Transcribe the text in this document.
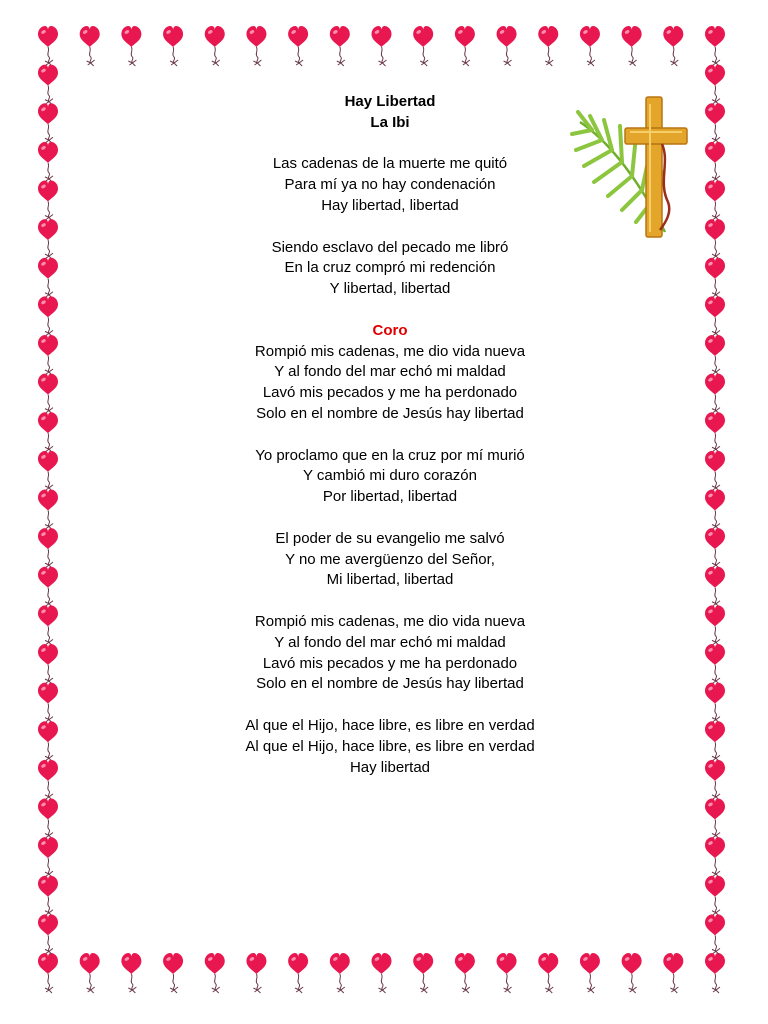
Hay Libertad

La Ibi

Las cadenas de la muerte me quitó

Para mí ya no hay condenación

Hay libertad, libertad

Siendo esclavo del pecado me libró

En la cruz compró mi redención

Y libertad, libertad

Coro

Rompió mis cadenas, me dio vida nueva

Y al fondo del mar echó mi maldad

Lavó mis pecados y me ha perdonado

Solo en el nombre de Jesús hay libertad

Yo proclamo que en la cruz por mí murió

Y cambió mi duro corazón

Por libertad, libertad

El poder de su evangelio me salvó

Y no me avergüenzo del Señor,

Mi libertad, libertad

Rompió mis cadenas, me dio vida nueva

Y al fondo del mar echó mi maldad

Lavó mis pecados y me ha perdonado

Solo en el nombre de Jesús hay libertad

Al que el Hijo, hace libre, es libre en verdad

Al que el Hijo, hace libre, es libre en verdad

Hay libertad
